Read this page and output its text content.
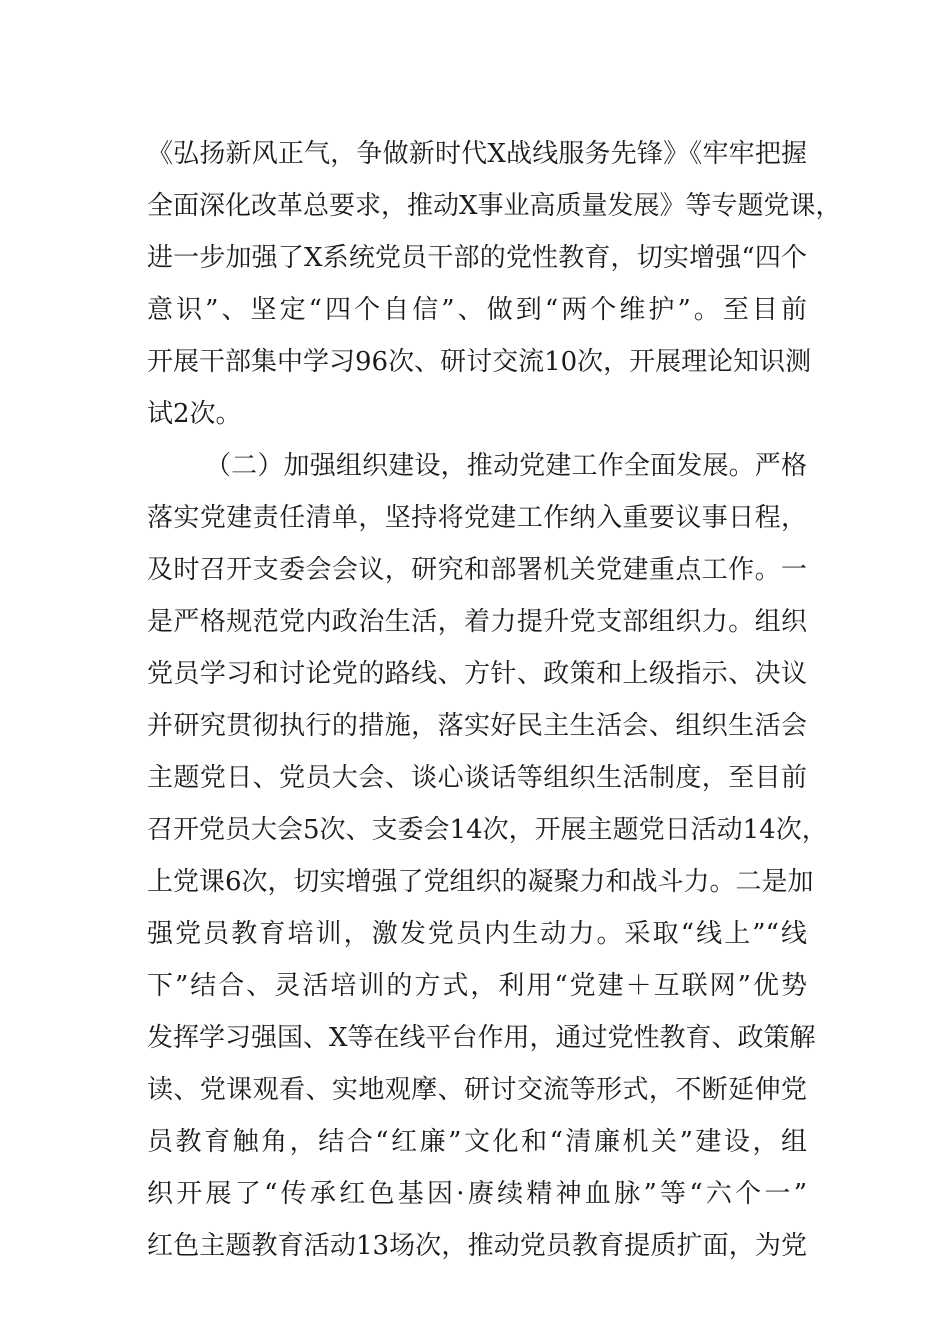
《弘扬新风正气，争做新时代X战线服务先锋》《牢牢把握
全面深化改革总要求，推动X事业高质量发展》等专题党课，
进一步加强了X系统党员干部的党性教育，切实增强“四个
意识”、坚定“四个自信”、做到“两个维护”。至目前
开展干部集中学习96次、研讨交流10次，开展理论知识测
试2次。
（二）加强组织建设，推动党建工作全面发展。严格
落实党建责任清单，坚持将党建工作纳入重要议事日程，
及时召开支委会会议，研究和部署机关党建重点工作。一
是严格规范党内政治生活，着力提升党支部组织力。组织
党员学习和讨论党的路线、方针、政策和上级指示、决议
并研究贯彻执行的措施，落实好民主生活会、组织生活会
主题党日、党员大会、谈心谈话等组织生活制度，至目前
召开党员大会5次、支委会14次，开展主题党日活动14次，
上党课6次，切实增强了党组织的凝聚力和战斗力。二是加
强党员教育培训，激发党员内生动力。采取“线上”“线
下”结合、灵活培训的方式，利用“党建＋互联网”优势
发挥学习强国、X等在线平台作用，通过党性教育、政策解
读、党课观看、实地观摩、研讨交流等形式，不断延伸党
员教育触角，结合“红廉”文化和“清廉机关”建设，组
织开展了“传承红色基因·赓续精神血脉”等“六个一”
红色主题教育活动13场次，推动党员教育提质扩面，为党
